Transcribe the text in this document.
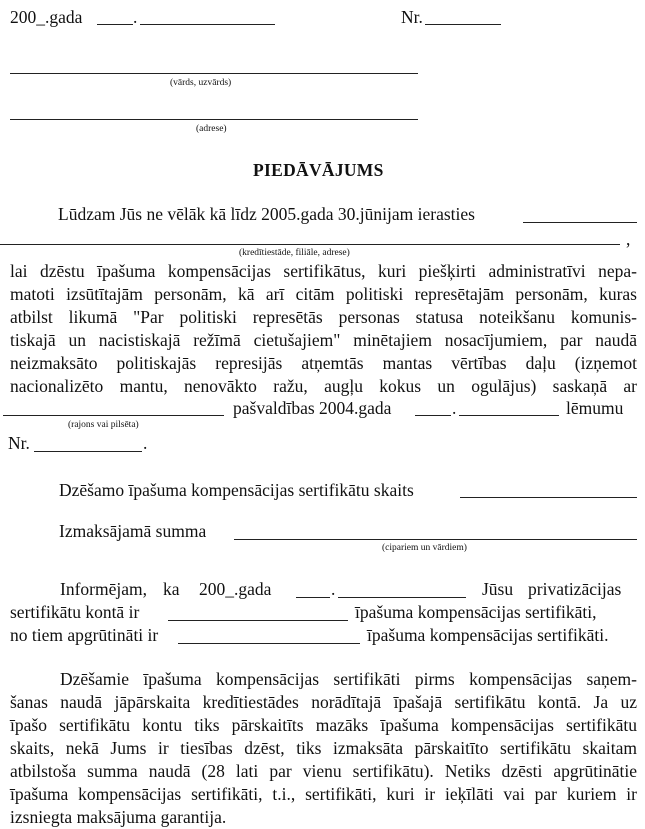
200_.gada	.	Nr.
(vārds, uzvārds)
(adrese)
PIEDĀVĀJUMS
Lūdzam Jūs ne vēlāk kā līdz 2005.gada 30.jūnijam ierasties
,
(kredītiestāde, filiāle, adrese)
lai dzēstu īpašuma kompensācijas sertifikātus, kuri piešķirti administratīvi nepa-
matoti izsūtītajām personām, kā arī citām politiski represētajām personām, kuras
atbilst likumā "Par politiski represētās personas statusa noteikšanu komunis-
tiskajā un nacistiskajā režīmā cietušajiem" minētajiem nosacījumiem, par naudā
neizmaksāto politiskajās represijās atņemtās mantas vērtības daļu (izņemot
nacionalizēto mantu, nenovākto ražu, augļu kokus un ogulājus) saskaņā ar
pašvaldības 2004.gada	.	lēmumu
(rajons vai pilsēta)
Nr.	.
Dzēšamo īpašuma kompensācijas sertifikātu skaits
Izmaksājamā summa
(cipariem un vārdiem)
Informējam, ka 200_.gada	.	Jūsu privatizācijas
sertifikātu kontā ir	īpašuma kompensācijas sertifikāti,
no tiem apgrūtināti ir	īpašuma kompensācijas sertifikāti.
Dzēšamie īpašuma kompensācijas sertifikāti pirms kompensācijas saņem-
šanas naudā jāpārskaita kredītiestādes norādītajā īpašajā sertifikātu kontā. Ja uz
īpašo sertifikātu kontu tiks pārskaitīts mazāks īpašuma kompensācijas sertifikātu
skaits, nekā Jums ir tiesības dzēst, tiks izmaksāta pārskaitīto sertifikātu skaitam
atbilstoša summa naudā (28 lati par vienu sertifikātu). Netiks dzēsti apgrūtinātie
īpašuma kompensācijas sertifikāti, t.i., sertifikāti, kuri ir ieķīlāti vai par kuriem ir
izsniegta maksājuma garantija.
